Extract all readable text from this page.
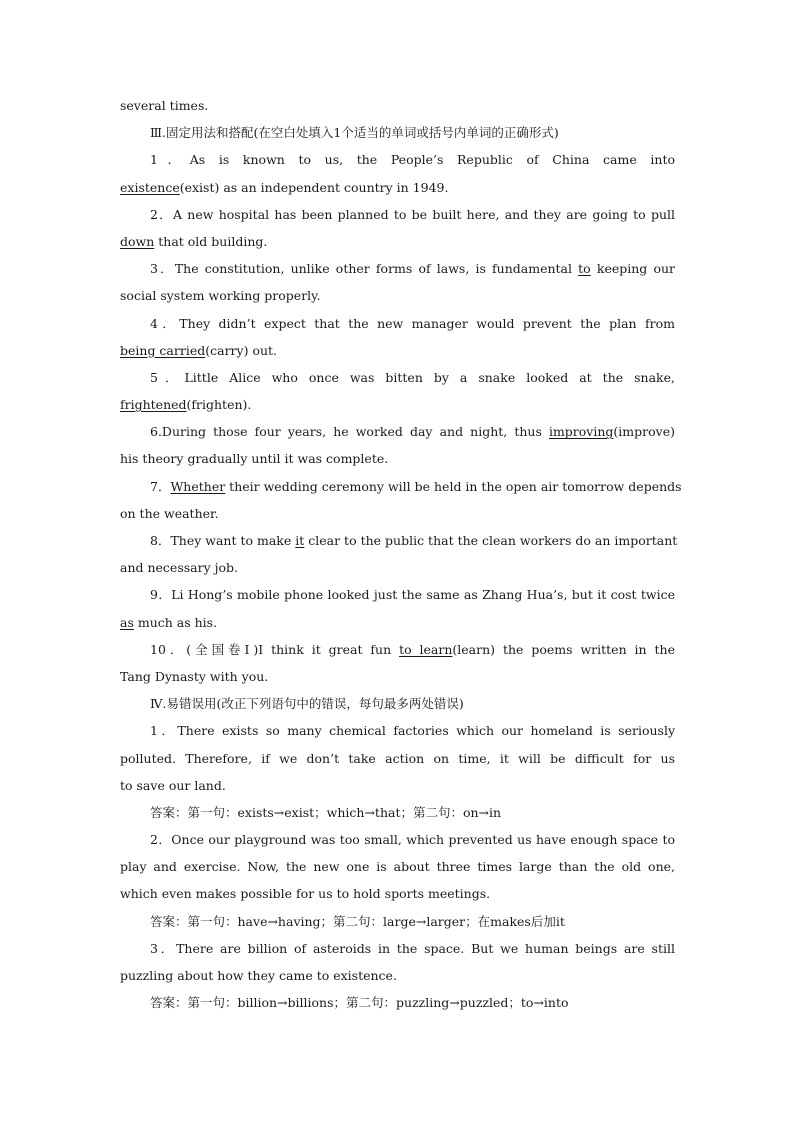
several times.
Ⅲ.固定用法和搭配(在空白处填入1个适当的单词或括号内单词的正确形式)
1．As is known to us, the People’s Republic of China came into
existence(exist) as an independent country in 1949.
2．A new hospital has been planned to be built here, and they are going to pull
down that old building.
3．The constitution, unlike other forms of laws, is fundamental to keeping our
social system working properly.
4．They didn’t expect that the new manager would prevent the plan from
being carried(carry) out.
5．Little Alice who once was bitten by a snake looked at the snake,
frightened(frighten).
6.During those four years, he worked day and night, thus improving(improve)
his theory gradually until it was complete.
7．Whether their wedding ceremony will be held in the open air tomorrow depends
on the weather.
8．They want to make it clear to the public that the clean workers do an important
and necessary job.
9．Li Hong’s mobile phone looked just the same as Zhang Hua’s, but it cost twice
as much as his.
10．(全国卷Ⅰ)I think it great fun to learn(learn) the poems written in the
Tang Dynasty with you.
Ⅳ.易错误用(改正下列语句中的错误，每句最多两处错误)
1．There exists so many chemical factories which our homeland is seriously
polluted. Therefore, if we don’t take action on time, it will be difficult for us
to save our land.
答案：第一句：exists→exist；which→that；第二句：on→in
2．Once our playground was too small, which prevented us have enough space to
play and exercise. Now, the new one is about three times large than the old one,
which even makes possible for us to hold sports meetings.
答案：第一句：have→having；第二句：large→larger；在makes后加it
3．There are billion of asteroids in the space. But we human beings are still
puzzling about how they came to existence.
答案：第一句：billion→billions；第二句：puzzling→puzzled；to→into
